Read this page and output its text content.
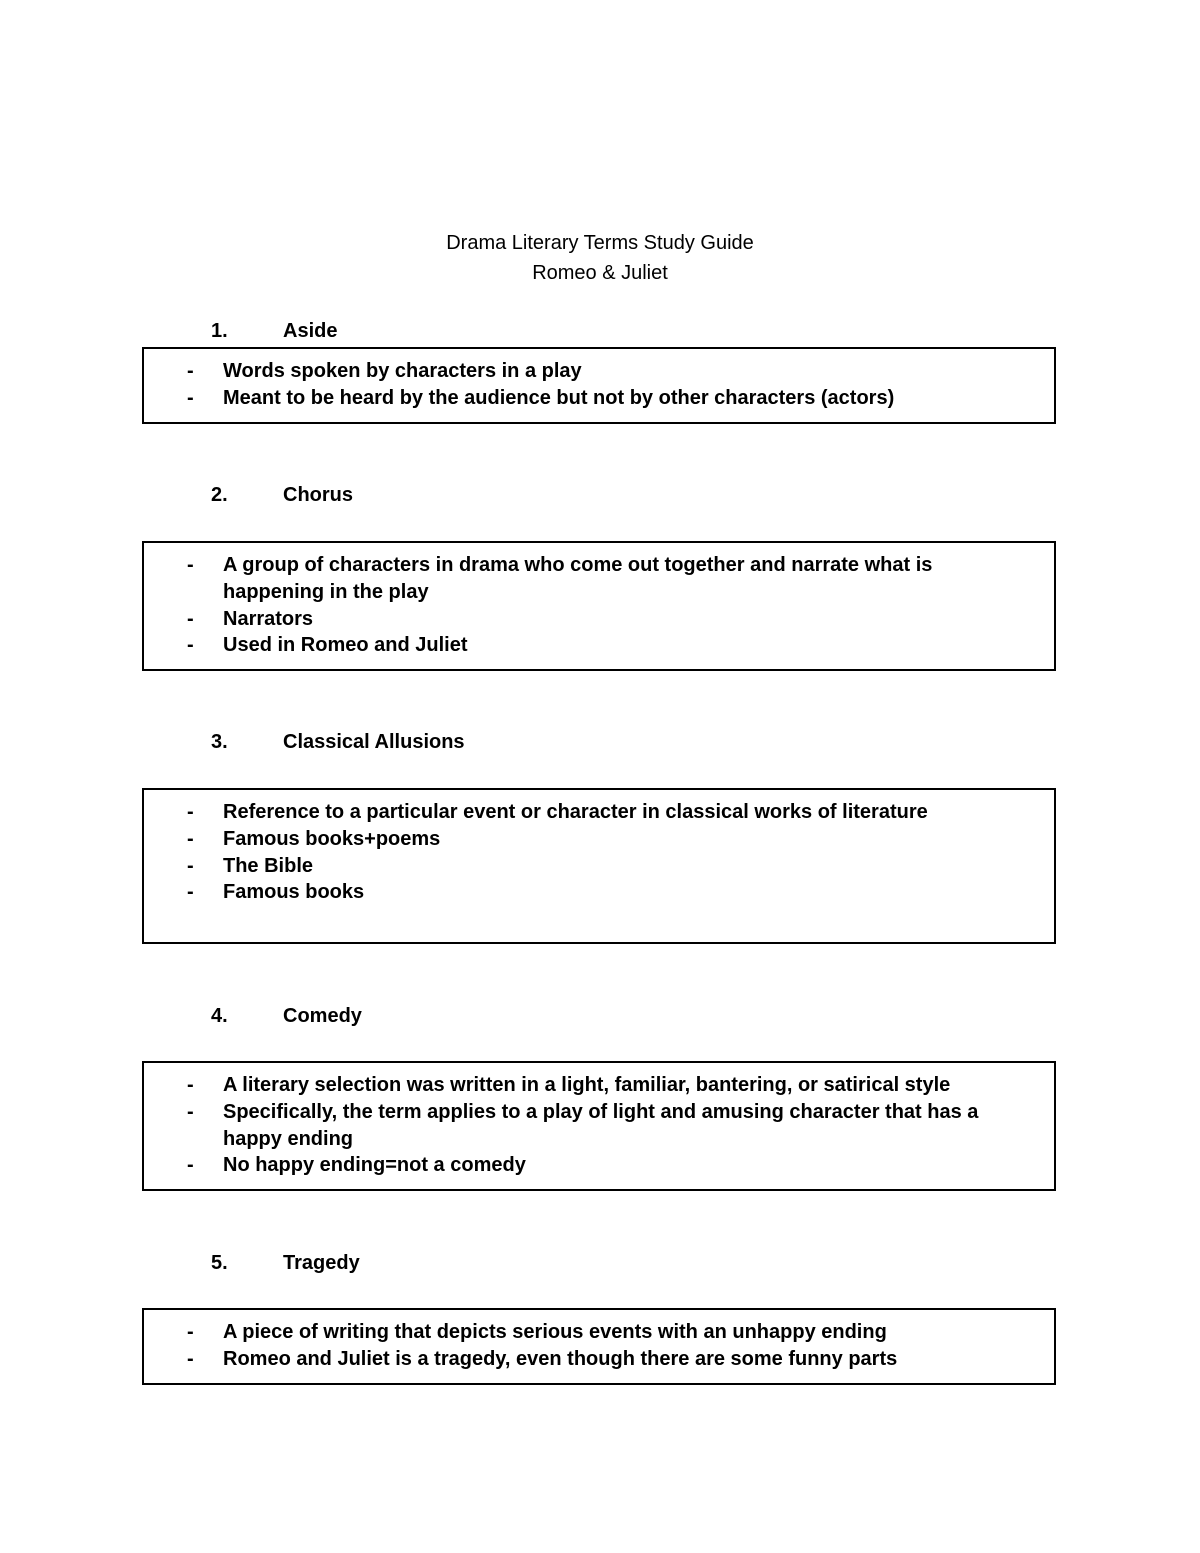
Drama Literary Terms Study Guide
Romeo & Juliet
1.	Aside
- Words spoken by characters in a play
- Meant to be heard by the audience but not by other characters (actors)
2.	Chorus
- A group of characters in drama who come out together and narrate what is happening in the play
- Narrators
- Used in Romeo and Juliet
3.	Classical Allusions
- Reference to a particular event or character in classical works of literature
- Famous books+poems
- The Bible
- Famous books
4.	Comedy
- A literary selection was written in a light, familiar, bantering, or satirical style
- Specifically, the term applies to a play of light and amusing character that has a happy ending
- No happy ending=not a comedy
5.	Tragedy
- A piece of writing that depicts serious events with an unhappy ending
- Romeo and Juliet is a tragedy, even though there are some funny parts
